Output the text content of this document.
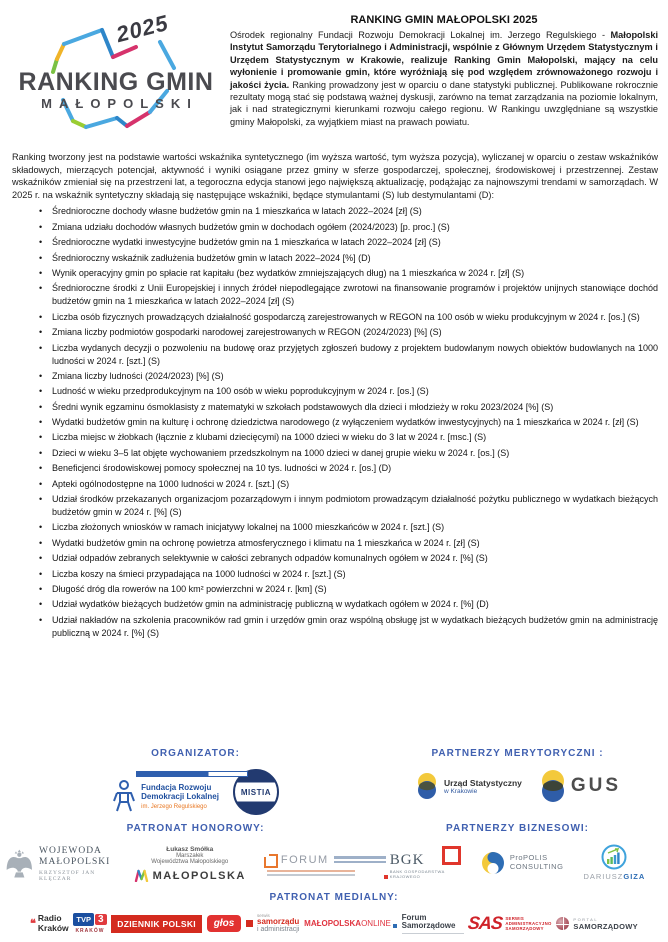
2025
RANKING GMIN
MAŁOPOLSKI
RANKING GMIN MAŁOPOLSKI 2025

Ośrodek regionalny Fundacji Rozwoju Demokracji Lokalnej im. Jerzego Regulskiego - Małopolski Instytut Samorządu Terytorialnego i Administracji, wspólnie z Głównym Urzędem Statystycznym i Urzędem Statystycznym w Krakowie, realizuje Ranking Gmin Małopolski, mający na celu wyłonienie i promowanie gmin, które wyróżniają się pod względem zrównoważonego rozwoju i jakości życia. Ranking prowadzony jest w oparciu o dane statystyki publicznej. Publikowane rokrocznie rezultaty mogą stać się podstawą ważnej dyskusji, zarówno na temat zarządzania na poziomie lokalnym, jak i nad strategicznymi kierunkami rozwoju całego regionu. W Rankingu uwzględniane są wszystkie gminy Małopolski, za wyjątkiem miast na prawach powiatu.

Ranking tworzony jest na podstawie wartości wskaźnika syntetycznego (im wyższa wartość, tym wyższa pozycja), wyliczanej w oparciu o zestaw wskaźników składowych, mierzących potencjał, aktywność i wyniki osiągane przez gminy w sferze gospodarczej, społecznej, środowiskowej i przestrzennej. Zestaw wskaźników zmieniał się na przestrzeni lat, a tegoroczna edycja stanowi jego największą aktualizację, podążając za najnowszymi trendami w samorządach. W 2025 r. na wskaźnik syntetyczny składają się następujące wskaźniki, będące stymulantami (S) lub destymulantami (D):

• Średnioroczne dochody własne budżetów gmin na 1 mieszkańca w latach 2022–2024 [zł] (S)
• Zmiana udziału dochodów własnych budżetów gmin w dochodach ogółem (2024/2023) [p. proc.] (S)
• Średnioroczne wydatki inwestycyjne budżetów gmin na 1 mieszkańca w latach 2022–2024 [zł] (S)
• Średnioroczny wskaźnik zadłużenia budżetów gmin w latach 2022–2024 [%] (D)
• Wynik operacyjny gmin po spłacie rat kapitału (bez wydatków zmniejszających dług) na 1 mieszkańca w 2024 r. [zł] (S)
• Średnioroczne środki z Unii Europejskiej i innych źródeł niepodlegające zwrotowi na finansowanie programów i projektów unijnych stanowiące dochód budżetów gmin na 1 mieszkańca w latach 2022–2024 [zł] (S)
• Liczba osób fizycznych prowadzących działalność gospodarczą zarejestrowanych w REGON na 100 osób w wieku produkcyjnym w 2024 r. [os.] (S)
• Zmiana liczby podmiotów gospodarki narodowej zarejestrowanych w REGON (2024/2023) [%] (S)
• Liczba wydanych decyzji o pozwoleniu na budowę oraz przyjętych zgłoszeń budowy z projektem budowlanym nowych obiektów budowlanych na 1000 ludności w 2024 r. [szt.] (S)
• Zmiana liczby ludności (2024/2023) [%] (S)
• Ludność w wieku przedprodukcyjnym na 100 osób w wieku poprodukcyjnym w 2024 r. [os.] (S)
• Średni wynik egzaminu ósmoklasisty z matematyki w szkołach podstawowych dla dzieci i młodzieży w roku 2023/2024 [%] (S)
• Wydatki budżetów gmin na kulturę i ochronę dziedzictwa narodowego (z wyłączeniem wydatków inwestycyjnych) na 1 mieszkańca w 2024 r. [zł] (S)
• Liczba miejsc w żłobkach (łącznie z klubami dziecięcymi) na 1000 dzieci w wieku do 3 lat w 2024 r. [msc.] (S)
• Dzieci w wieku 3–5 lat objęte wychowaniem przedszkolnym na 1000 dzieci w danej grupie wieku w 2024 r. [os.] (S)
• Beneficjenci środowiskowej pomocy społecznej na 10 tys. ludności w 2024 r. [os.] (D)
• Apteki ogólnodostępne na 1000 ludności w 2024 r. [szt.] (S)
• Udział środków przekazanych organizacjom pozarządowym i innym podmiotom prowadzącym działalność pożytku publicznego w wydatkach bieżących budżetów gmin w 2024 r. [%] (S)
• Liczba złożonych wniosków w ramach inicjatywy lokalnej na 1000 mieszkańców w 2024 r. [szt.] (S)
• Wydatki budżetów gmin na ochronę powietrza atmosferycznego i klimatu na 1 mieszkańca w 2024 r. [zł] (S)
• Udział odpadów zebranych selektywnie w całości zebranych odpadów komunalnych ogółem w 2024 r. [%] (S)
• Liczba koszy na śmieci przypadająca na 1000 ludności w 2024 r. [szt.] (S)
• Długość dróg dla rowerów na 100 km² powierzchni w 2024 r. [km] (S)
• Udział wydatków bieżących budżetów gmin na administrację publiczną w wydatkach ogółem w 2024 r. [%] (D)
• Udział nakładów na szkolenia pracowników rad gmin i urzędów gmin oraz wspólną obsługę jst w wydatkach bieżących budżetów gmin na administrację publiczną w 2024 r. [%] (S)
ORGANIZATOR:
Fundacja Rozwoju
Demokracji Lokalnej
im. Jerzego Regulskiego
MISTIA
PARTNERZY MERYTORYCZNI :
Urząd Statystyczny
w Krakowie	GUS
PATRONAT HONOROWY:
WOJEWODA
MAŁOPOLSKI
KRZYSZTOF JAN KLĘCZAR
Łukasz Smółka
Marszałek
Województwa Małopolskiego
MAŁOPOLSKA
FORUM
PARTNERZY BIZNESOWI:
BGK
BANK GOSPODARSTWA
KRAJOWEGO
ProPOLIS
CONSULTING
DARIUSZGIZA
PATRONAT MEDIALNY:
❝ Radio
Kraków
TVP 3
KRAKÓW
DZIENNIK POLSKI	głos
serwis
samorządu
i administracji
MAŁOPOLSKA ONLINE
Forum
Samorządowe SAS SERWIS
ADMINISTRACYJNO
SAMORZĄDOWY
PORTAL
SAMORZĄDOWY
